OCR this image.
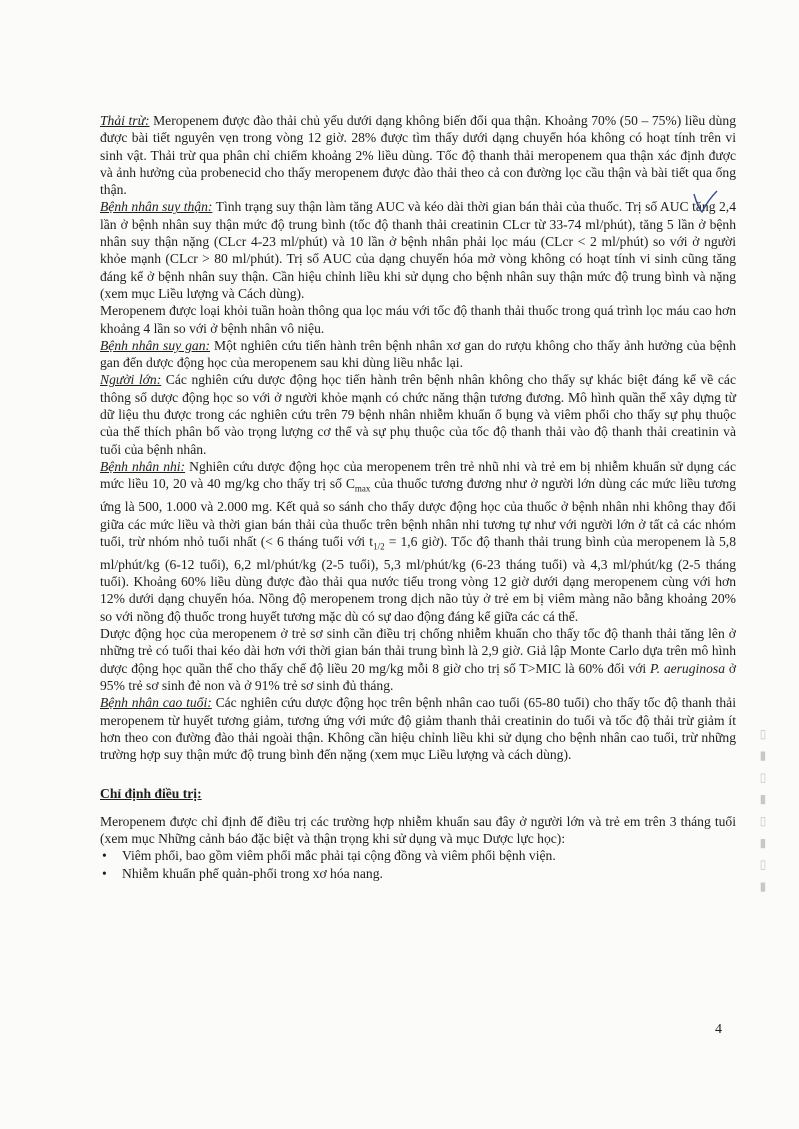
Thải trừ: Meropenem được đào thải chủ yếu dưới dạng không biến đổi qua thận. Khoảng 70% (50 – 75%) liều dùng được bài tiết nguyên vẹn trong vòng 12 giờ. 28% được tìm thấy dưới dạng chuyển hóa không có hoạt tính trên vi sinh vật. Thải trừ qua phân chỉ chiếm khoảng 2% liều dùng. Tốc độ thanh thải meropenem qua thận xác định được và ảnh hưởng của probenecid cho thấy meropenem được đào thải theo cả con đường lọc cầu thận và bài tiết qua ống thận.

Bệnh nhân suy thận: Tình trạng suy thận làm tăng AUC và kéo dài thời gian bán thải của thuốc. Trị số AUC tăng 2,4 lần ở bệnh nhân suy thận mức độ trung bình (tốc độ thanh thải creatinin CLcr từ 33-74 ml/phút), tăng 5 lần ở bệnh nhân suy thận nặng (CLcr 4-23 ml/phút) và 10 lần ở bệnh nhân phải lọc máu (CLcr < 2 ml/phút) so với ở người khỏe mạnh (CLcr > 80 ml/phút). Trị số AUC của dạng chuyển hóa mở vòng không có hoạt tính vi sinh cũng tăng đáng kể ở bệnh nhân suy thận. Cần hiệu chỉnh liều khi sử dụng cho bệnh nhân suy thận mức độ trung bình và nặng (xem mục Liều lượng và Cách dùng).

Meropenem được loại khỏi tuần hoàn thông qua lọc máu với tốc độ thanh thải thuốc trong quá trình lọc máu cao hơn khoảng 4 lần so với ở bệnh nhân vô niệu.

Bệnh nhân suy gan: Một nghiên cứu tiến hành trên bệnh nhân xơ gan do rượu không cho thấy ảnh hưởng của bệnh gan đến dược động học của meropenem sau khi dùng liều nhắc lại.

Người lớn: Các nghiên cứu dược động học tiến hành trên bệnh nhân không cho thấy sự khác biệt đáng kể về các thông số dược động học so với ở người khỏe mạnh có chức năng thận tương đương. Mô hình quần thể xây dựng từ dữ liệu thu được trong các nghiên cứu trên 79 bệnh nhân nhiễm khuẩn ổ bụng và viêm phổi cho thấy sự phụ thuộc của thể thích phân bố vào trọng lượng cơ thể và sự phụ thuộc của tốc độ thanh thải vào độ thanh thải creatinin và tuổi của bệnh nhân.

Bệnh nhân nhi: Nghiên cứu dược động học của meropenem trên trẻ nhũ nhi và trẻ em bị nhiễm khuẩn sử dụng các mức liều 10, 20 và 40 mg/kg cho thấy trị số $C_{max}$ của thuốc tương đương như ở người lớn dùng các mức liều tương ứng là 500, 1.000 và 2.000 mg. Kết quả so sánh cho thấy dược động học của thuốc ở bệnh nhân nhi không thay đổi giữa các mức liều và thời gian bán thải của thuốc trên bệnh nhân nhi tương tự như với người lớn ở tất cả các nhóm tuổi, trừ nhóm nhỏ tuổi nhất (< 6 tháng tuổi với $t_{1/2} = 1,6$ giờ). Tốc độ thanh thải trung bình của meropenem là 5,8 ml/phút/kg (6-12 tuổi), 6,2 ml/phút/kg (2-5 tuổi), 5,3 ml/phút/kg (6-23 tháng tuổi) và 4,3 ml/phút/kg (2-5 tháng tuổi). Khoảng 60% liều dùng được đào thải qua nước tiểu trong vòng 12 giờ dưới dạng meropenem cùng với hơn 12% dưới dạng chuyển hóa. Nồng độ meropenem trong dịch não tủy ở trẻ em bị viêm màng não bằng khoảng 20% so với nồng độ thuốc trong huyết tương mặc dù có sự dao động đáng kể giữa các cá thể.

Dược động học của meropenem ở trẻ sơ sinh cần điều trị chống nhiễm khuẩn cho thấy tốc độ thanh thải tăng lên ở những trẻ có tuổi thai kéo dài hơn với thời gian bán thải trung bình là 2,9 giờ. Giả lập Monte Carlo dựa trên mô hình dược động học quần thể cho thấy chế độ liều 20 mg/kg mỗi 8 giờ cho trị số T>MIC là 60% đối với P. aeruginosa ở 95% trẻ sơ sinh đẻ non và ở 91% trẻ sơ sinh đủ tháng.

Bệnh nhân cao tuổi: Các nghiên cứu dược động học trên bệnh nhân cao tuổi (65-80 tuổi) cho thấy tốc độ thanh thải meropenem từ huyết tương giảm, tương ứng với mức độ giảm thanh thải creatinin do tuổi và tốc độ thải trừ giảm ít hơn theo con đường đào thải ngoài thận. Không cần hiệu chỉnh liều khi sử dụng cho bệnh nhân cao tuổi, trừ những trường hợp suy thận mức độ trung bình đến nặng (xem mục Liều lượng và cách dùng).

Chỉ định điều trị:

Meropenem được chỉ định để điều trị các trường hợp nhiễm khuẩn sau đây ở người lớn và trẻ em trên 3 tháng tuổi (xem mục Những cảnh báo đặc biệt và thận trọng khi sử dụng và mục Dược lực học):

• Viêm phổi, bao gồm viêm phổi mắc phải tại cộng đồng và viêm phổi bệnh viện.
• Nhiễm khuẩn phế quản-phổi trong xơ hóa nang.	▮ ▯ ▮ ▯ ▮ ▯ ▮ ▯
4
